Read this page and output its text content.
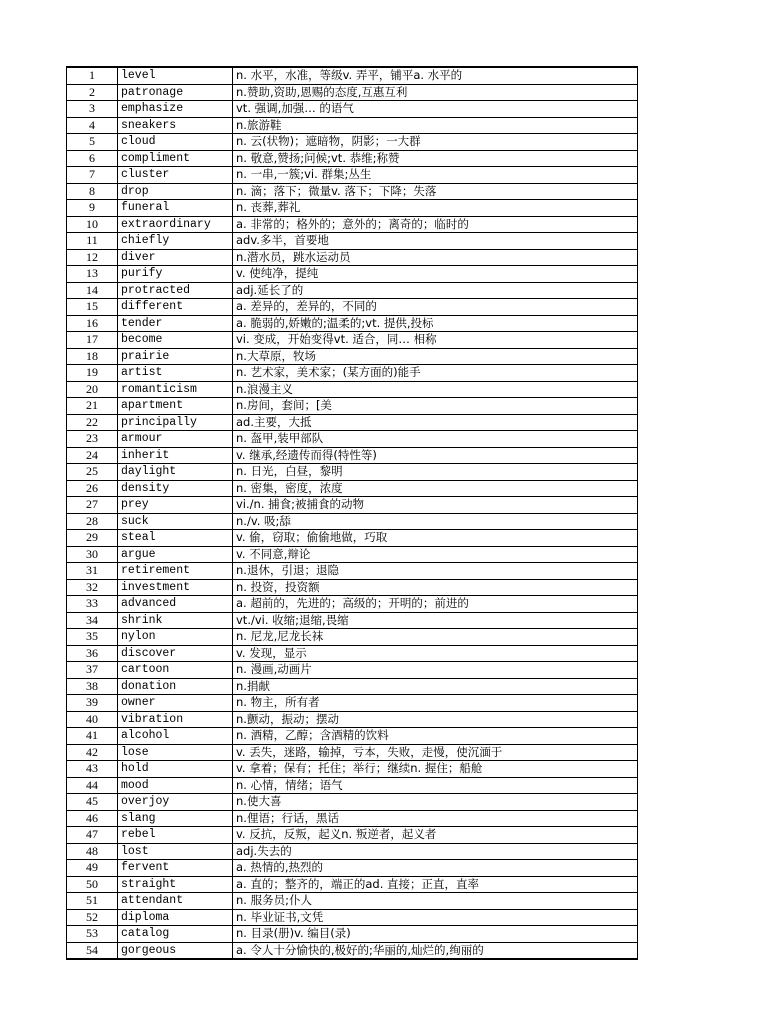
1	level	n. 水平，水准，等级v. 弄平，铺平a. 水平的
2	patronage	n.赞助,资助,恩赐的态度,互惠互利
3	emphasize	vt. 强调,加强… 的语气
4	sneakers	n.旅游鞋
5	cloud	n. 云(状物)；遮暗物，阴影；一大群
6	compliment	n. 敬意,赞扬;问候;vt. 恭维;称赞
7	cluster	n. 一串,一簇;vi. 群集;丛生
8	drop	n. 滴；落下；微量v. 落下；下降；失落
9	funeral	n. 丧葬,葬礼
10	extraordinary	a. 非常的；格外的；意外的；离奇的；临时的
11	chiefly	adv.多半，首要地
12	diver	n.潜水员，跳水运动员
13	purify	v. 使纯净，提纯
14	protracted	adj.延长了的
15	different	a. 差异的，差异的，不同的
16	tender	a. 脆弱的,娇嫩的;温柔的;vt. 提供,投标
17	become	vi. 变成，开始变得vt. 适合，同… 相称
18	prairie	n.大草原，牧场
19	artist	n. 艺术家，美术家；(某方面的)能手
20	romanticism	n.浪漫主义
21	apartment	n.房间，套间；[美
22	principally	ad.主要，大抵
23	armour	n. 盔甲,装甲部队
24	inherit	v. 继承,经遗传而得(特性等)
25	daylight	n. 日光，白昼，黎明
26	density	n. 密集，密度，浓度
27	prey	vi./n. 捕食;被捕食的动物
28	suck	n./v. 吸;舔
29	steal	v. 偷，窃取；偷偷地做，巧取
30	argue	v. 不同意,辩论
31	retirement	n.退休，引退；退隐
32	investment	n. 投资，投资额
33	advanced	a. 超前的，先进的；高级的；开明的；前进的
34	shrink	vt./vi. 收缩;退缩,畏缩
35	nylon	n. 尼龙,尼龙长袜
36	discover	v. 发现，显示
37	cartoon	n. 漫画,动画片
38	donation	n.捐献
39	owner	n. 物主，所有者
40	vibration	n.颤动，振动；摆动
41	alcohol	n. 酒精，乙醇；含酒精的饮料
42	lose	v. 丢失，迷路，输掉，亏本，失败，走慢，使沉湎于
43	hold	v. 拿着；保有；托住；举行；继续n. 握住；船舱
44	mood	n. 心情，情绪；语气
45	overjoy	n.使大喜
46	slang	n.俚语；行话，黑话
47	rebel	v. 反抗，反叛，起义n. 叛逆者，起义者
48	lost	adj.失去的
49	fervent	a. 热情的,热烈的
50	straight	a. 直的；整齐的，端正的ad. 直接；正直，直率
51	attendant	n. 服务员;仆人
52	diploma	n. 毕业证书,文凭
53	catalog	n. 目录(册)v. 编目(录)
54	gorgeous	a. 令人十分愉快的,极好的;华丽的,灿烂的,绚丽的
